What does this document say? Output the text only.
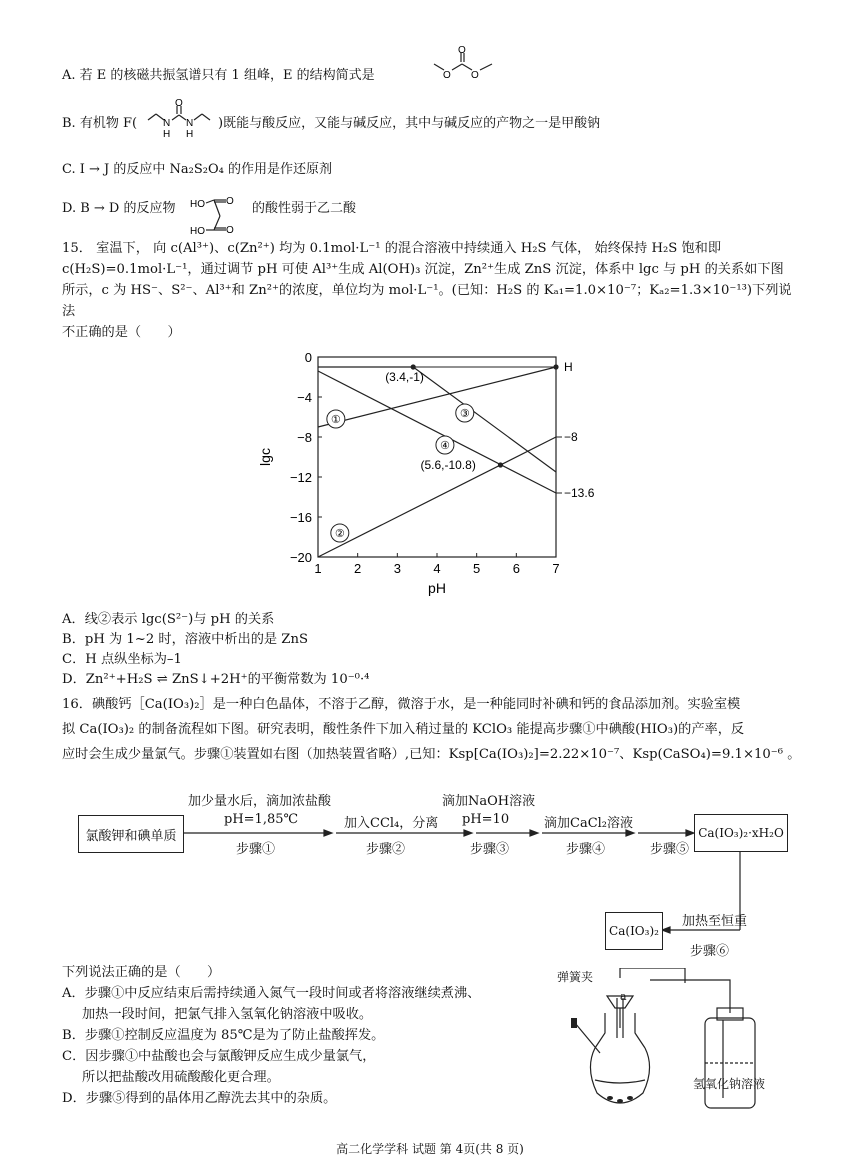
A. 若 E 的核磁共振氢谱只有 1 组峰，E 的结构简式是
O
O O
B. 有机物 F(
O
N
H
N
H
)既能与酸反应，又能与碱反应，其中与碱反应的产物之一是甲酸钠
C. I → J 的反应中 Na₂S₂O₄ 的作用是作还原剂
D. B → D 的反应物 HO
HO
O
O
的酸性弱于乙二酸
15． 室温下， 向 c(Al³⁺)、c(Zn²⁺) 均为 0.1mol·L⁻¹ 的混合溶液中持续通入 H₂S 气体， 始终保持 H₂S 饱和即
c(H₂S)=0.1mol·L⁻¹，通过调节 pH 可使 Al³⁺生成 Al(OH)₃ 沉淀，Zn²⁺生成 ZnS 沉淀，体系中 lgc 与 pH 的关系如下图
所示，c 为 HS⁻、S²⁻、Al³⁺和 Zn²⁺的浓度，单位均为 mol·L⁻¹。(已知：H₂S 的 Kₐ₁=1.0×10⁻⁷；Kₐ₂=1.3×10⁻¹³)下列说法
不正确的是（　　）
1 2 3 4 5 6 7
0
−4
−8
−12
−16
−20
pH
lgc
①
②
③
④
(3.4,-1)
(5.6,-10.8)
H
−8
−13.6
A．线②表示 lgc(S²⁻)与 pH 的关系
B．pH 为 1~2 时，溶液中析出的是 ZnS
C．H 点纵坐标为–1
D．Zn²⁺+H₂S ⇌ ZnS↓+2H⁺的平衡常数为 10⁻⁰·⁴
16．碘酸钙［Ca(IO₃)₂］是一种白色晶体，不溶于乙醇，微溶于水，是一种能同时补碘和钙的食品添加剂。实验室模
拟 Ca(IO₃)₂ 的制备流程如下图。研究表明，酸性条件下加入稍过量的 KClO₃ 能提高步骤①中碘酸(HIO₃)的产率，反
应时会生成少量氯气。步骤①装置如右图（加热装置省略）,已知：Ksp[Ca(IO₃)₂]=2.22×10⁻⁷、Ksp(CaSO₄)=9.1×10⁻⁶ 。
氯酸钾和碘单质
加少量水后，滴加浓盐酸
pH=1,85℃
步骤①
加入CCl₄，分离
步骤②
滴加NaOH溶液
pH=10
步骤③
滴加CaCl₂溶液
步骤④	步骤⑤
Ca(IO₃)₂·xH₂O
Ca(IO₃)₂
加热至恒重
步骤⑥
下列说法正确的是（　　）
A．步骤①中反应结束后需持续通入氮气一段时间或者将溶液继续煮沸、
加热一段时间，把氯气排入氢氧化钠溶液中吸收。
B．步骤①控制反应温度为 85℃是为了防止盐酸挥发。
C．因步骤①中盐酸也会与氯酸钾反应生成少量氯气，
所以把盐酸改用硫酸酸化更合理。
D．步骤⑤得到的晶体用乙醇洗去其中的杂质。
弹簧夹
a
氢氧化钠溶液
高二化学学科 试题 第 4页(共 8 页)
